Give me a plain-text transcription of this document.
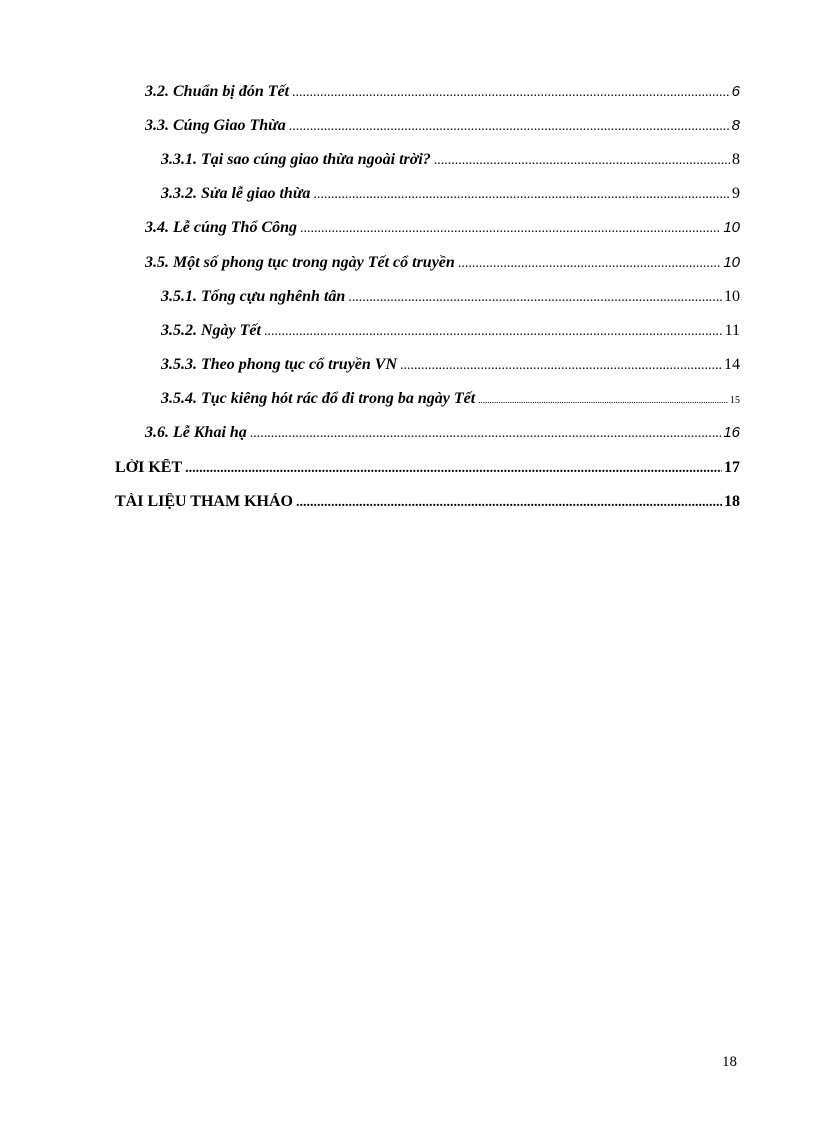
3.2. Chuẩn bị đón Tết .....	6
3.3. Cúng Giao Thừa .....	8
3.3.1. Tại sao cúng giao thừa ngoài trời? .....	8
3.3.2. Sửa lễ giao thừa .....	9
3.4. Lễ cúng Thổ Công .....	10
3.5. Một số phong tục trong ngày Tết cổ truyền .....	10
3.5.1. Tống cựu nghênh tân .....	10
3.5.2. Ngày Tết .....	11
3.5.3. Theo phong tục cổ truyền VN .....	14
3.5.4. Tục kiêng hót rác đổ đi trong ba ngày Tết .....	15
3.6. Lễ Khai hạ .....	16
LỜI KẾT .....	17
TÀI LIỆU THAM KHẢO .....	18
18
